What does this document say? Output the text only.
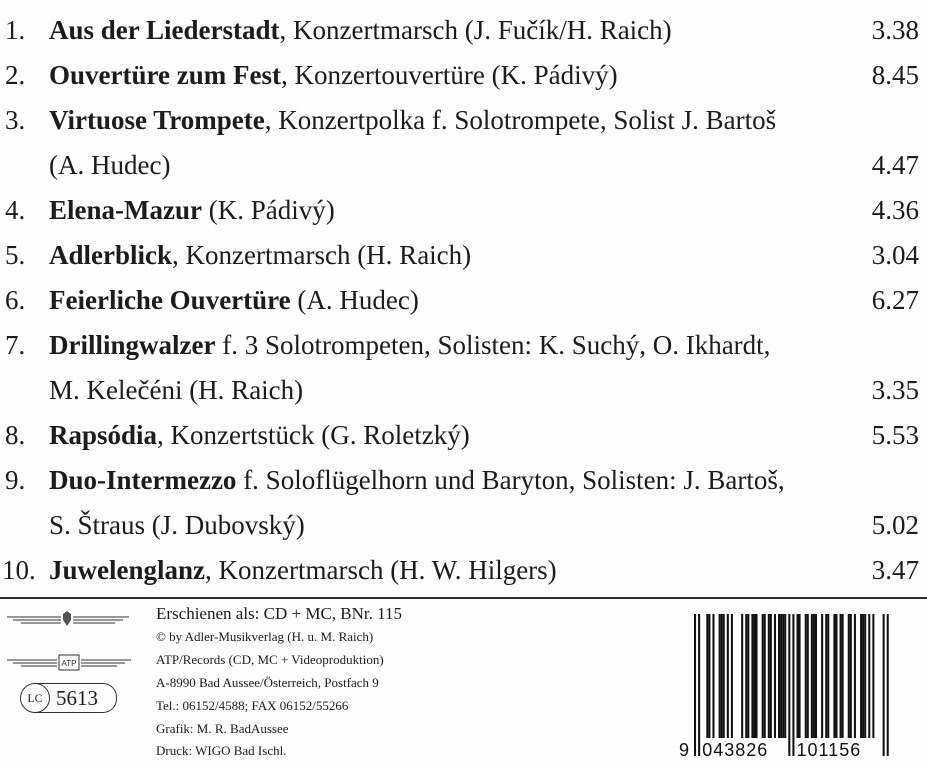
1. Aus der Liederstadt, Konzertmarsch (J. Fučík/H. Raich)	3.38
2. Ouvertüre zum Fest, Konzertouvertüre (K. Pádivý)	8.45
3. Virtuose Trompete, Konzertpolka f. Solotrompete, Solist J. Bartoš
(A. Hudec)	4.47
4. Elena-Mazur (K. Pádivý)	4.36
5. Adlerblick, Konzertmarsch (H. Raich)	3.04
6. Feierliche Ouvertüre (A. Hudec)	6.27
7. Drillingwalzer f. 3 Solotrompeten, Solisten: K. Suchý, O. Ikhardt,
M. Kelečéni (H. Raich)	3.35
8. Rapsódia, Konzertstück (G. Roletzký)	5.53
9. Duo-Intermezzo f. Soloflügelhorn und Baryton, Solisten: J. Bartoš,
S. Štraus (J. Dubovský)	5.02
10. Juwelenglanz, Konzertmarsch (H. W. Hilgers)	3.47
ATP
LC 5613
Erschienen als: CD + MC, BNr. 115
© by Adler-Musikverlag (H. u. M. Raich)
ATP/Records (CD, MC + Videoproduktion)
A-8990 Bad Aussee/Österreich, Postfach 9
Tel.: 06152/4588; FAX 06152/55266
Grafik: M. R. BadAussee
Druck: WIGO Bad Ischl.	9 043826 101156
